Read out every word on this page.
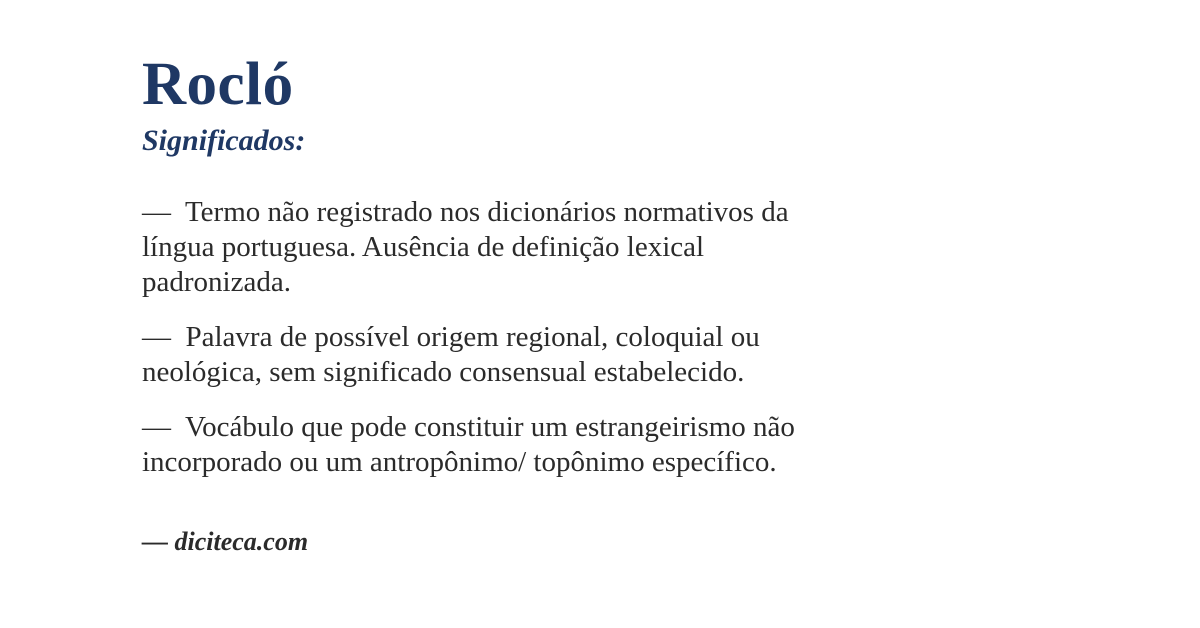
Rocló
Significados:

—  Termo não registrado nos dicionários normativos da
língua portuguesa. Ausência de definição lexical
padronizada.

—  Palavra de possível origem regional, coloquial ou
neológica, sem significado consensual estabelecido.

—  Vocábulo que pode constituir um estrangeirismo não
incorporado ou um antropônimo/ topônimo específico.

— diciteca.com
